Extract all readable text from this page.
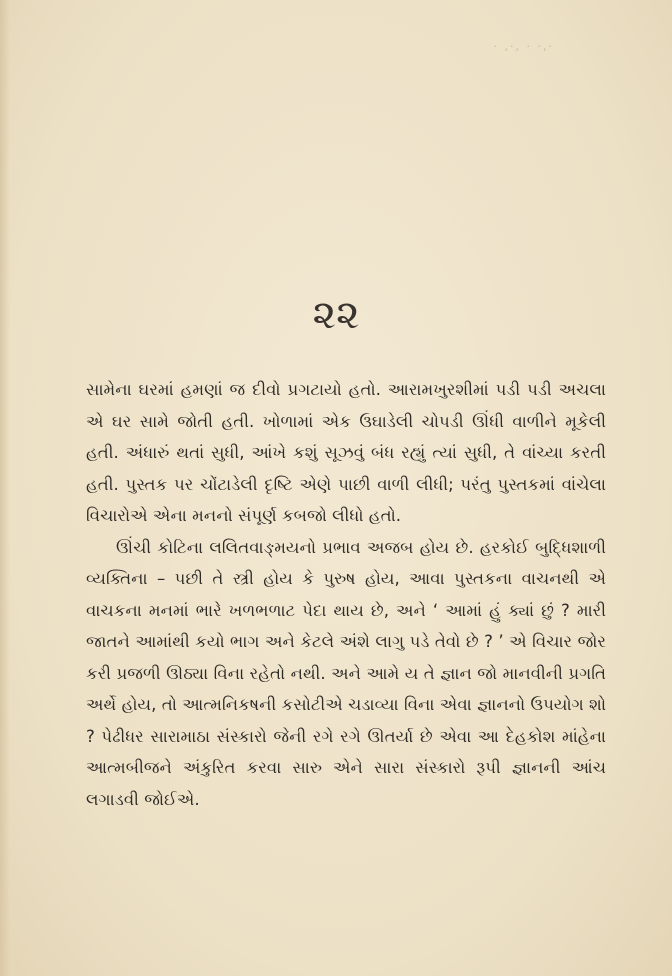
· ,·, · ·,·
૨૨

સામેના ઘરમાં હમણાં જ દીવો પ્રગટાયો હતો. આરામખુરશીમાં પડી પડી અચલા એ ઘર સામે જોતી હતી. ખોળામાં એક ઉઘાડેલી ચોપડી ઊંધી વાળીને મૂકેલી હતી. અંધારું થતાં સુધી, આંખે કશું સૂઝવું બંધ રહ્યું ત્યાં સુધી, તે વાંચ્યા કરતી હતી. પુસ્તક પર ચોંટાડેલી દૃષ્ટિ એણે પાછી વાળી લીધી; પરંતુ પુસ્તકમાં વાંચેલા વિચારોએ એના મનનો સંપૂર્ણ કબજો લીધો હતો.

ઊંચી કોટિના લલિતવાઙ્મયનો પ્રભાવ અજબ હોય છે. હરકોઈ બુદ્ધિશાળી વ્યક્તિના – પછી તે સ્ત્રી હોય કે પુરુષ હોય, આવા પુસ્તકના વાચનથી એ વાચકના મનમાં ભારે ખળભળાટ પેદા થાય છે, અને ‘ આમાં હું ક્યાં છું ? મારી જાતને આમાંથી કયો ભાગ અને કેટલે અંશે લાગુ પડે તેવો છે ? ’ એ વિચાર જોર કરી પ્રજળી ઊઠ્યા વિના રહેતો નથી. અને આમે ય તે જ્ઞાન જો માનવીની પ્રગતિ અર્થે હોય, તો આત્મનિકષની કસોટીએ ચડાવ્યા વિના એવા જ્ઞાનનો ઉપયોગ શો ? પેઢીધર સારામાઠા સંસ્કારો જેની રગે રગે ઊતર્યા છે એવા આ દેહકોશ માંહેના આત્મબીજને અંકુરિત કરવા સારુ એને સારા સંસ્કારો રૂપી જ્ઞાનની આંચ લગાડવી જોઈએ.
